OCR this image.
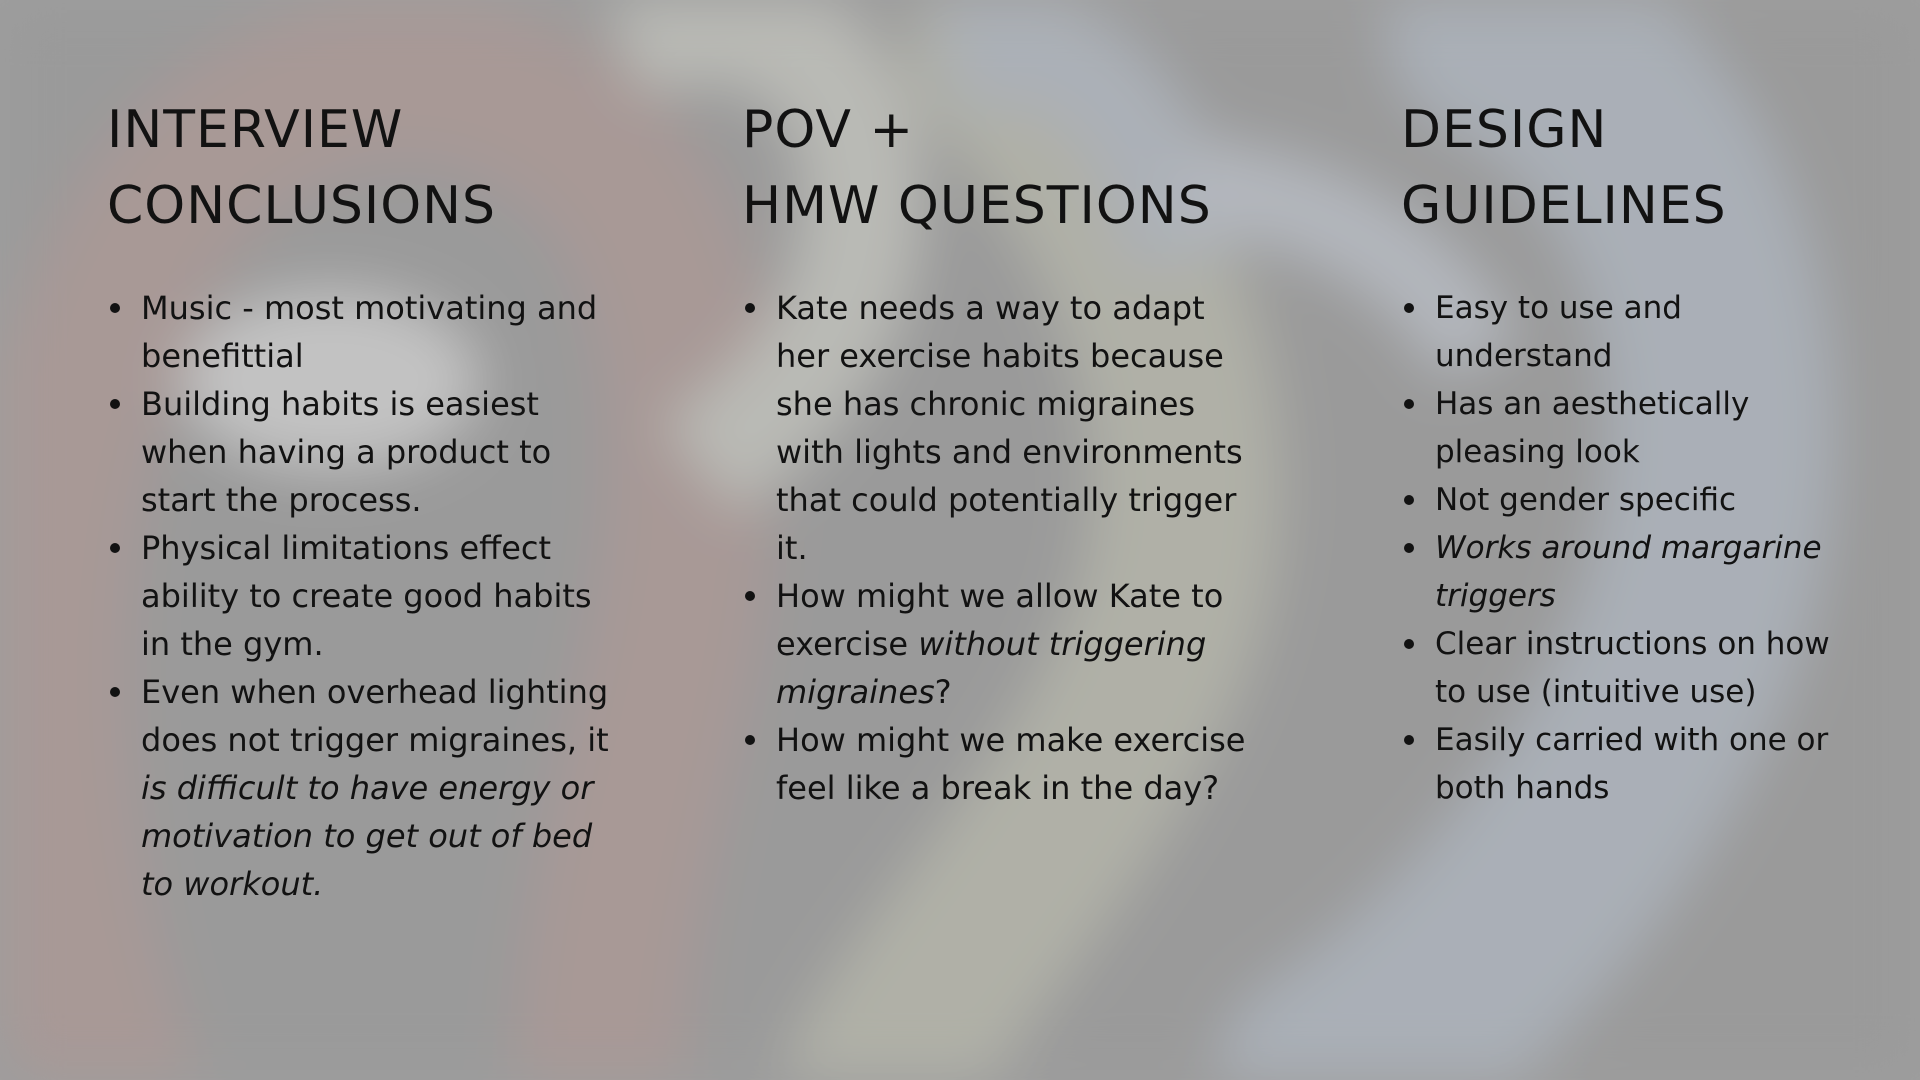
INTERVIEW
CONCLUSIONS
Music - most motivating and benefittial
Building habits is easiest when having a product to start the process.
Physical limitations effect ability to create good habits in the gym.
Even when overhead lighting does not trigger migraines, it is difficult to have energy or motivation to get out of bed to workout.
POV +
HMW QUESTIONS
Kate needs a way to adapt her exercise habits because she has chronic migraines with lights and environments that could potentially trigger it.
How might we allow Kate to exercise without triggering migraines?
How might we make exercise feel like a break in the day?
DESIGN
GUIDELINES
Easy to use and understand
Has an aesthetically pleasing look
Not gender specific
Works around margarine triggers
Clear instructions on how to use (intuitive use)
Easily carried with one or both hands
